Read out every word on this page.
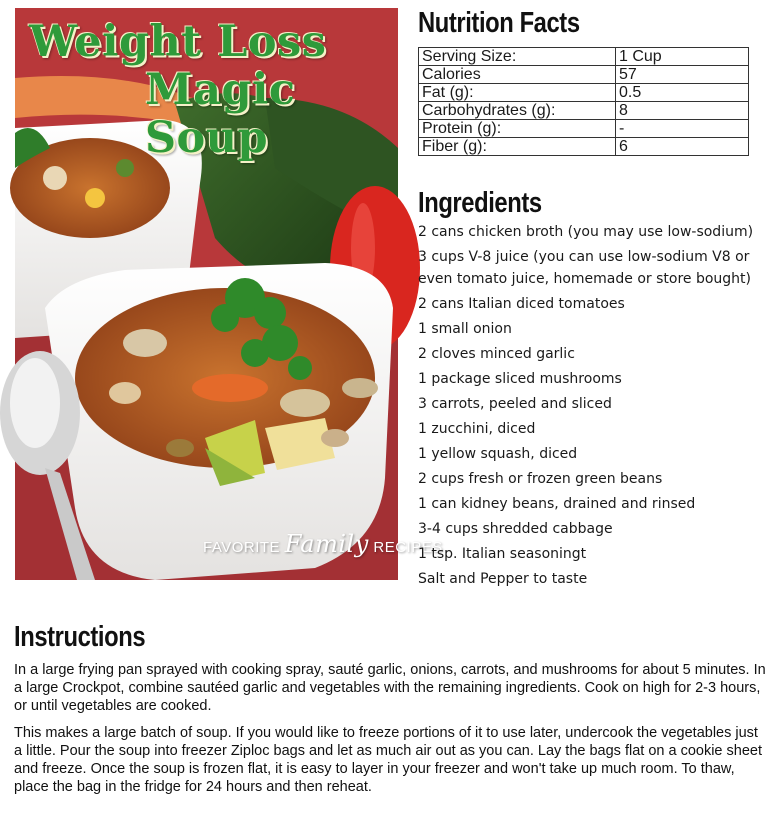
Weight Loss
Magic Soup
FAVORITE Family RECIPES
Nutrition Facts
Serving Size:	1 Cup
Calories	57
Fat (g):	0.5
Carbohydrates (g):	8
Protein (g):	-
Fiber (g):	6
Ingredients
2 cans chicken broth (you may use low-sodium)
3 cups V-8 juice (you can use low-sodium V8 or even tomato juice, homemade or store bought)
2 cans Italian diced tomatoes
1 small onion
2 cloves minced garlic
1 package sliced mushrooms
3 carrots, peeled and sliced
1 zucchini, diced
1 yellow squash, diced
2 cups fresh or frozen green beans
1 can kidney beans, drained and rinsed
3-4 cups shredded cabbage
1 tsp. Italian seasoningt
Salt and Pepper to taste
Instructions

In a large frying pan sprayed with cooking spray, sauté garlic, onions, carrots, and mushrooms for about 5 minutes. In a large Crockpot, combine sautéed garlic and vegetables with the remaining ingredients. Cook on high for 2-3 hours, or until vegetables are cooked.

This makes a large batch of soup. If you would like to freeze portions of it to use later, undercook the vegetables just a little. Pour the soup into freezer Ziploc bags and let as much air out as you can. Lay the bags flat on a cookie sheet and freeze. Once the soup is frozen flat, it is easy to layer in your freezer and won't take up much room. To thaw, place the bag in the fridge for 24 hours and then reheat.
